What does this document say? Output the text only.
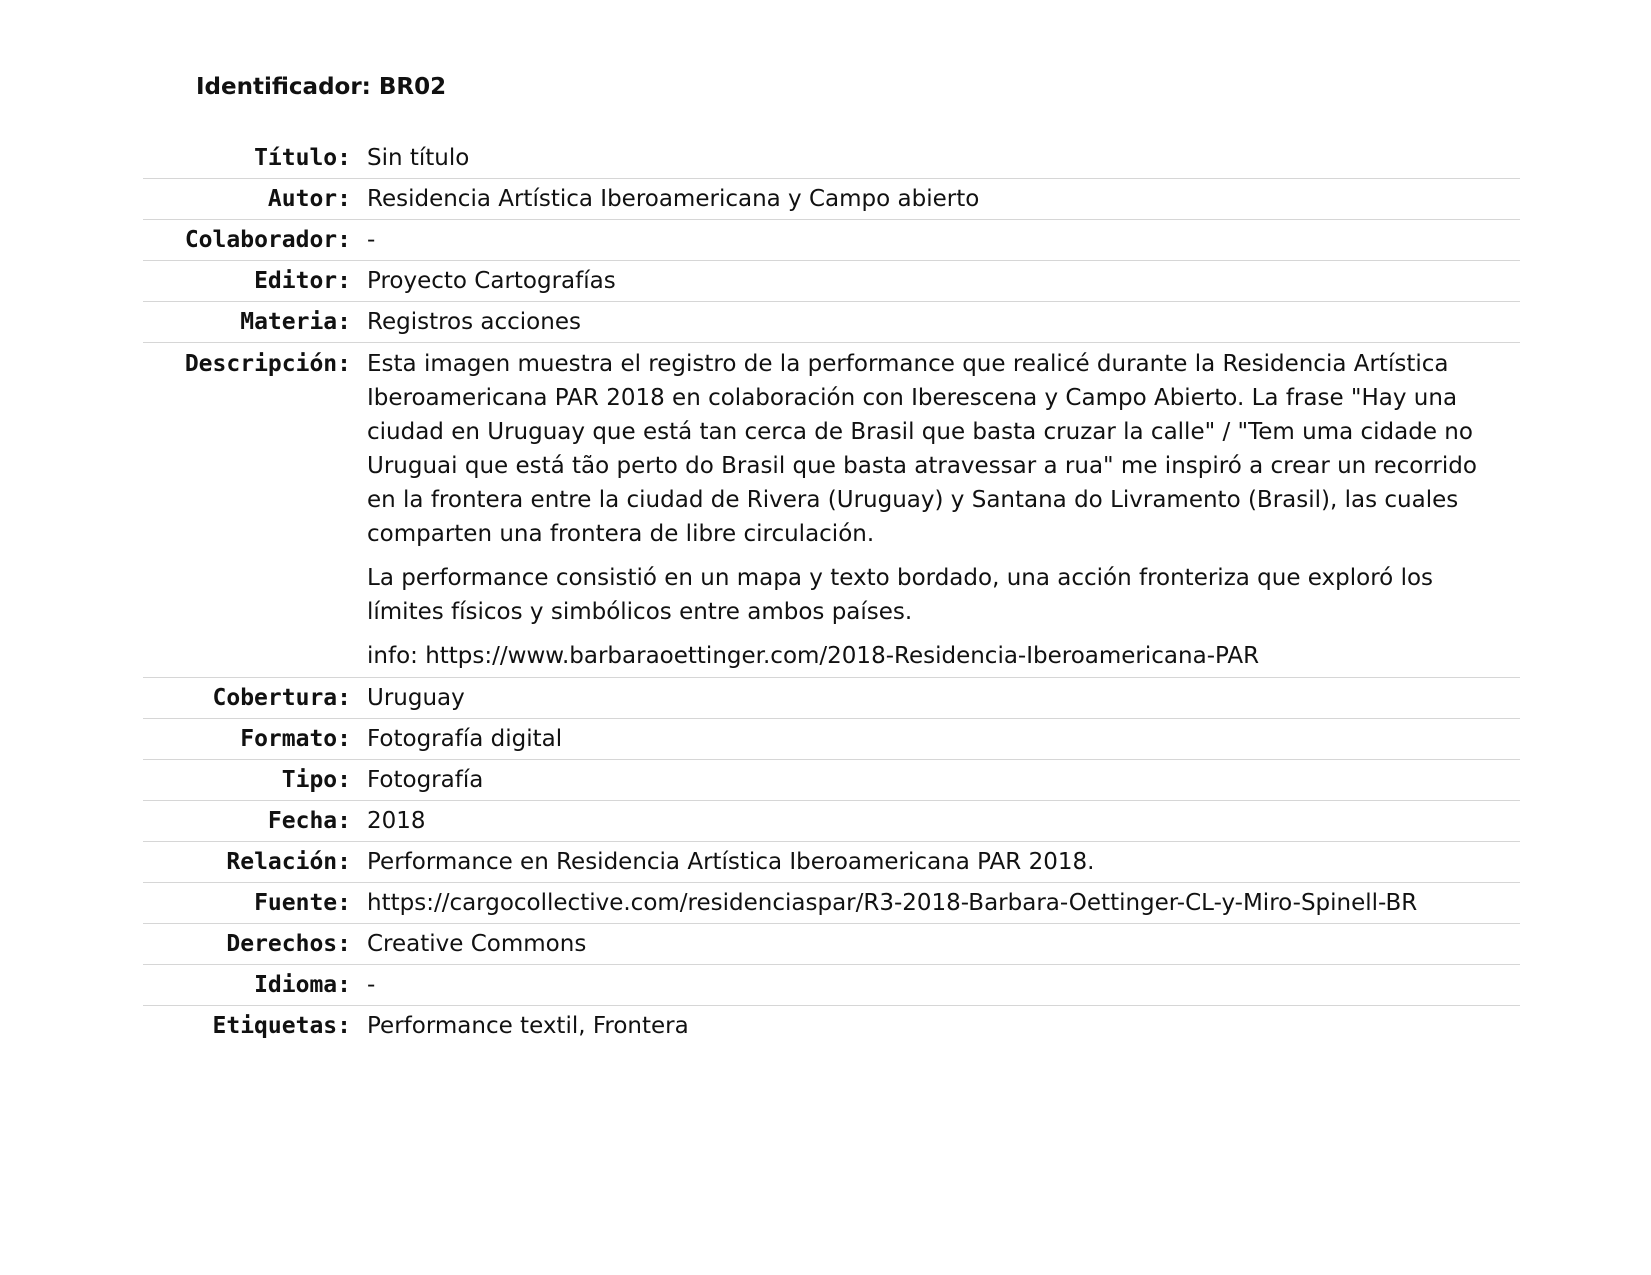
Identificador: BR02
Título:	Sin título
Autor:	Residencia Artística Iberoamericana y Campo abierto
Colaborador:	-
Editor:	Proyecto Cartografías
Materia:	Registros acciones
Descripción:	Esta imagen muestra el registro de la performance que realicé durante la Residencia Artística Iberoamericana PAR 2018 en colaboración con Iberescena y Campo Abierto. La frase "Hay una ciudad en Uruguay que está tan cerca de Brasil que basta cruzar la calle" / "Tem uma cidade no Uruguai que está tão perto do Brasil que basta atravessar a rua" me inspiró a crear un recorrido en la frontera entre la ciudad de Rivera (Uruguay) y Santana do Livramento (Brasil), las cuales comparten una frontera de libre circulación.

La performance consistió en un mapa y texto bordado, una acción fronteriza que exploró los límites físicos y simbólicos entre ambos países.

info: https://www.barbaraoettinger.com/2018-Residencia-Iberoamericana-PAR

Cobertura:	Uruguay
Formato:	Fotografía digital
Tipo:	Fotografía
Fecha:	2018
Relación:	Performance en Residencia Artística Iberoamericana PAR 2018.
Fuente:	https://cargocollective.com/residenciaspar/R3-2018-Barbara-Oettinger-CL-y-Miro-Spinell-BR
Derechos:	Creative Commons
Idioma:	-
Etiquetas:	Performance textil, Frontera
